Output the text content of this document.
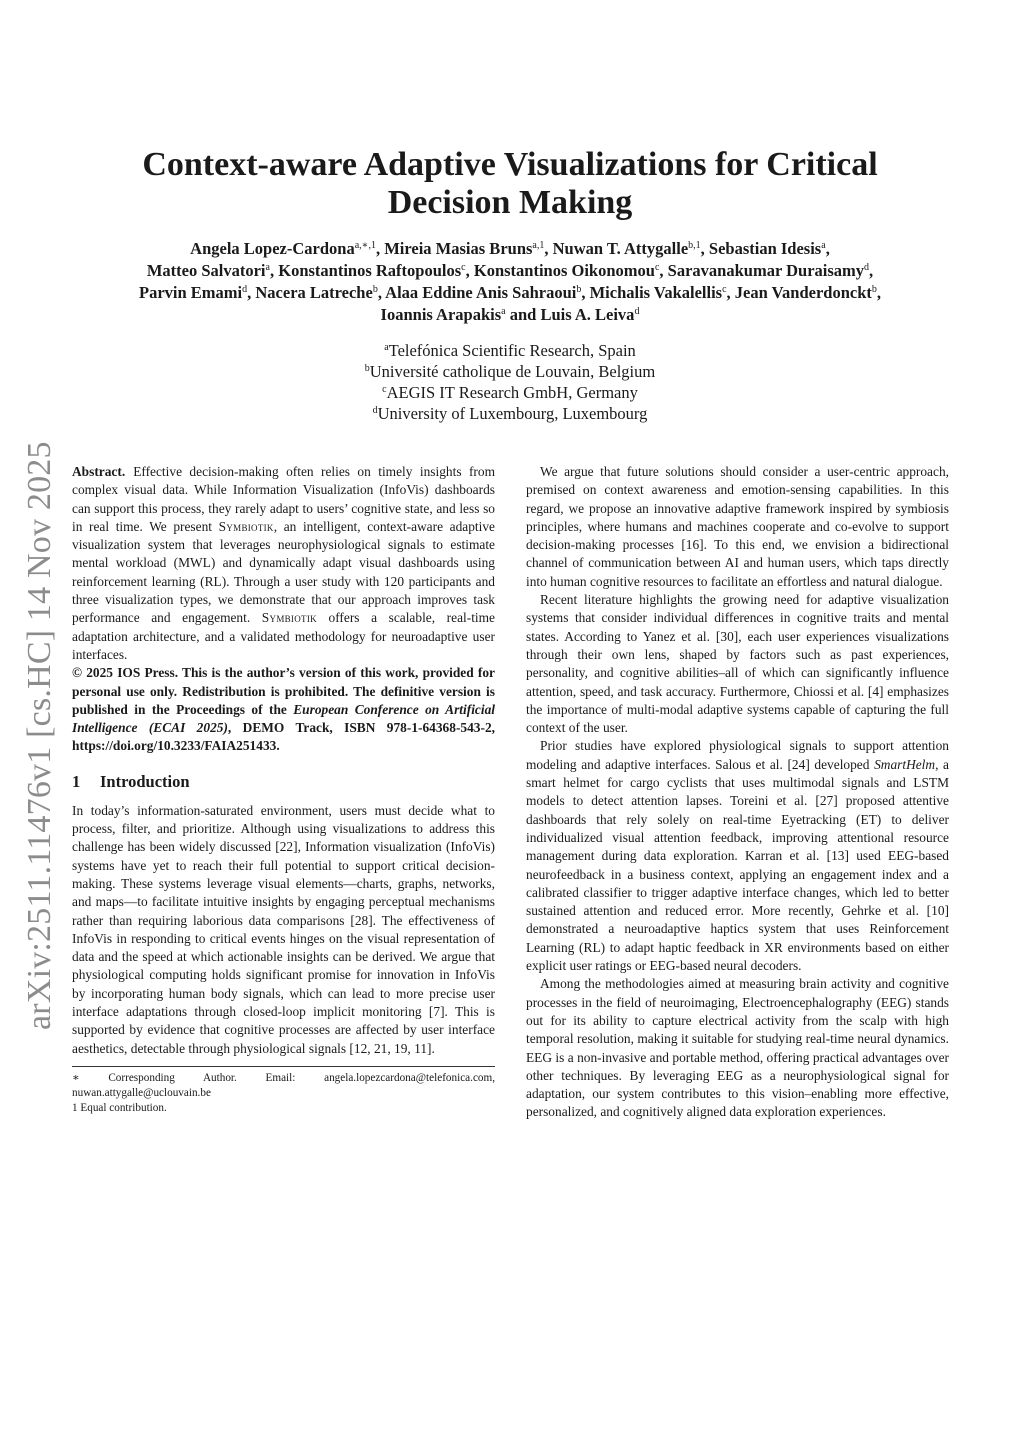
arXiv:2511.11476v1 [cs.HC] 14 Nov 2025
Context-aware Adaptive Visualizations for Critical
Decision Making
Angela Lopez-Cardona$^{a,∗,1}$, Mireia Masias Bruns$^{a,1}$, Nuwan T. Attygalle$^{b,1}$, Sebastian Idesis$^a$,
Matteo Salvatori$^a$, Konstantinos Raftopoulos$^c$, Konstantinos Oikonomou$^c$, Saravanakumar Duraisamy$^d$,
Parvin Emami$^d$, Nacera Latreche$^b$, Alaa Eddine Anis Sahraoui$^b$, Michalis Vakalellis$^c$, Jean Vanderdonckt$^b$,
Ioannis Arapakis$^a$ and Luis A. Leiva$^d$
$^a$Telefónica Scientific Research, Spain
$^b$Université catholique de Louvain, Belgium
$^c$AEGIS IT Research GmbH, Germany
$^d$University of Luxembourg, Luxembourg

Abstract. Effective decision-making often relies on timely insights from complex visual data. While Information Visualization (InfoVis) dashboards can support this process, they rarely adapt to users’ cognitive state, and less so in real time. We present Symbiotik, an intelligent, context-aware adaptive visualization system that leverages neurophysiological signals to estimate mental workload (MWL) and dynamically adapt visual dashboards using reinforcement learning (RL). Through a user study with 120 participants and three visualization types, we demonstrate that our approach improves task performance and engagement. Symbiotik offers a scalable, real-time adaptation architecture, and a validated methodology for neuroadaptive user interfaces.

© 2025 IOS Press. This is the author’s version of this work, provided for personal use only. Redistribution is prohibited. The definitive version is published in the Proceedings of the European Conference on Artificial Intelligence (ECAI 2025), DEMO Track, ISBN 978-1-64368-543-2, https://doi.org/10.3233/FAIA251433.

1 Introduction

In today’s information-saturated environment, users must decide what to process, filter, and prioritize. Although using visualizations to address this challenge has been widely discussed [22], Information visualization (InfoVis) systems have yet to reach their full potential to support critical decision-making. These systems leverage visual elements—charts, graphs, networks, and maps—to facilitate intuitive insights by engaging perceptual mechanisms rather than requiring laborious data comparisons [28]. The effectiveness of InfoVis in responding to critical events hinges on the visual representation of data and the speed at which actionable insights can be derived. We argue that physiological computing holds significant promise for innovation in InfoVis by incorporating human body signals, which can lead to more precise user interface adaptations through closed-loop implicit monitoring [7]. This is supported by evidence that cognitive processes are affected by user interface aesthetics, detectable through physiological signals [12, 21, 19, 11].

∗ Corresponding Author. Email: angela.lopezcardona@telefonica.com, nuwan.attygalle@uclouvain.be
1 Equal contribution.

We argue that future solutions should consider a user-centric approach, premised on context awareness and emotion-sensing capabilities. In this regard, we propose an innovative adaptive framework inspired by symbiosis principles, where humans and machines cooperate and co-evolve to support decision-making processes [16]. To this end, we envision a bidirectional channel of communication between AI and human users, which taps directly into human cognitive resources to facilitate an effortless and natural dialogue.

Recent literature highlights the growing need for adaptive visualization systems that consider individual differences in cognitive traits and mental states. According to Yanez et al. [30], each user experiences visualizations through their own lens, shaped by factors such as past experiences, personality, and cognitive abilities–all of which can significantly influence attention, speed, and task accuracy. Furthermore, Chiossi et al. [4] emphasizes the importance of multi-modal adaptive systems capable of capturing the full context of the user.

Prior studies have explored physiological signals to support attention modeling and adaptive interfaces. Salous et al. [24] developed SmartHelm, a smart helmet for cargo cyclists that uses multimodal signals and LSTM models to detect attention lapses. Toreini et al. [27] proposed attentive dashboards that rely solely on real-time Eyetracking (ET) to deliver individualized visual attention feedback, improving attentional resource management during data exploration. Karran et al. [13] used EEG-based neurofeedback in a business context, applying an engagement index and a calibrated classifier to trigger adaptive interface changes, which led to better sustained attention and reduced error. More recently, Gehrke et al. [10] demonstrated a neuroadaptive haptics system that uses Reinforcement Learning (RL) to adapt haptic feedback in XR environments based on either explicit user ratings or EEG-based neural decoders.

Among the methodologies aimed at measuring brain activity and cognitive processes in the field of neuroimaging, Electroencephalography (EEG) stands out for its ability to capture electrical activity from the scalp with high temporal resolution, making it suitable for studying real-time neural dynamics. EEG is a non-invasive and portable method, offering practical advantages over other techniques. By leveraging EEG as a neurophysiological signal for adaptation, our system contributes to this vision–enabling more effective, personalized, and cognitively aligned data exploration experiences.
